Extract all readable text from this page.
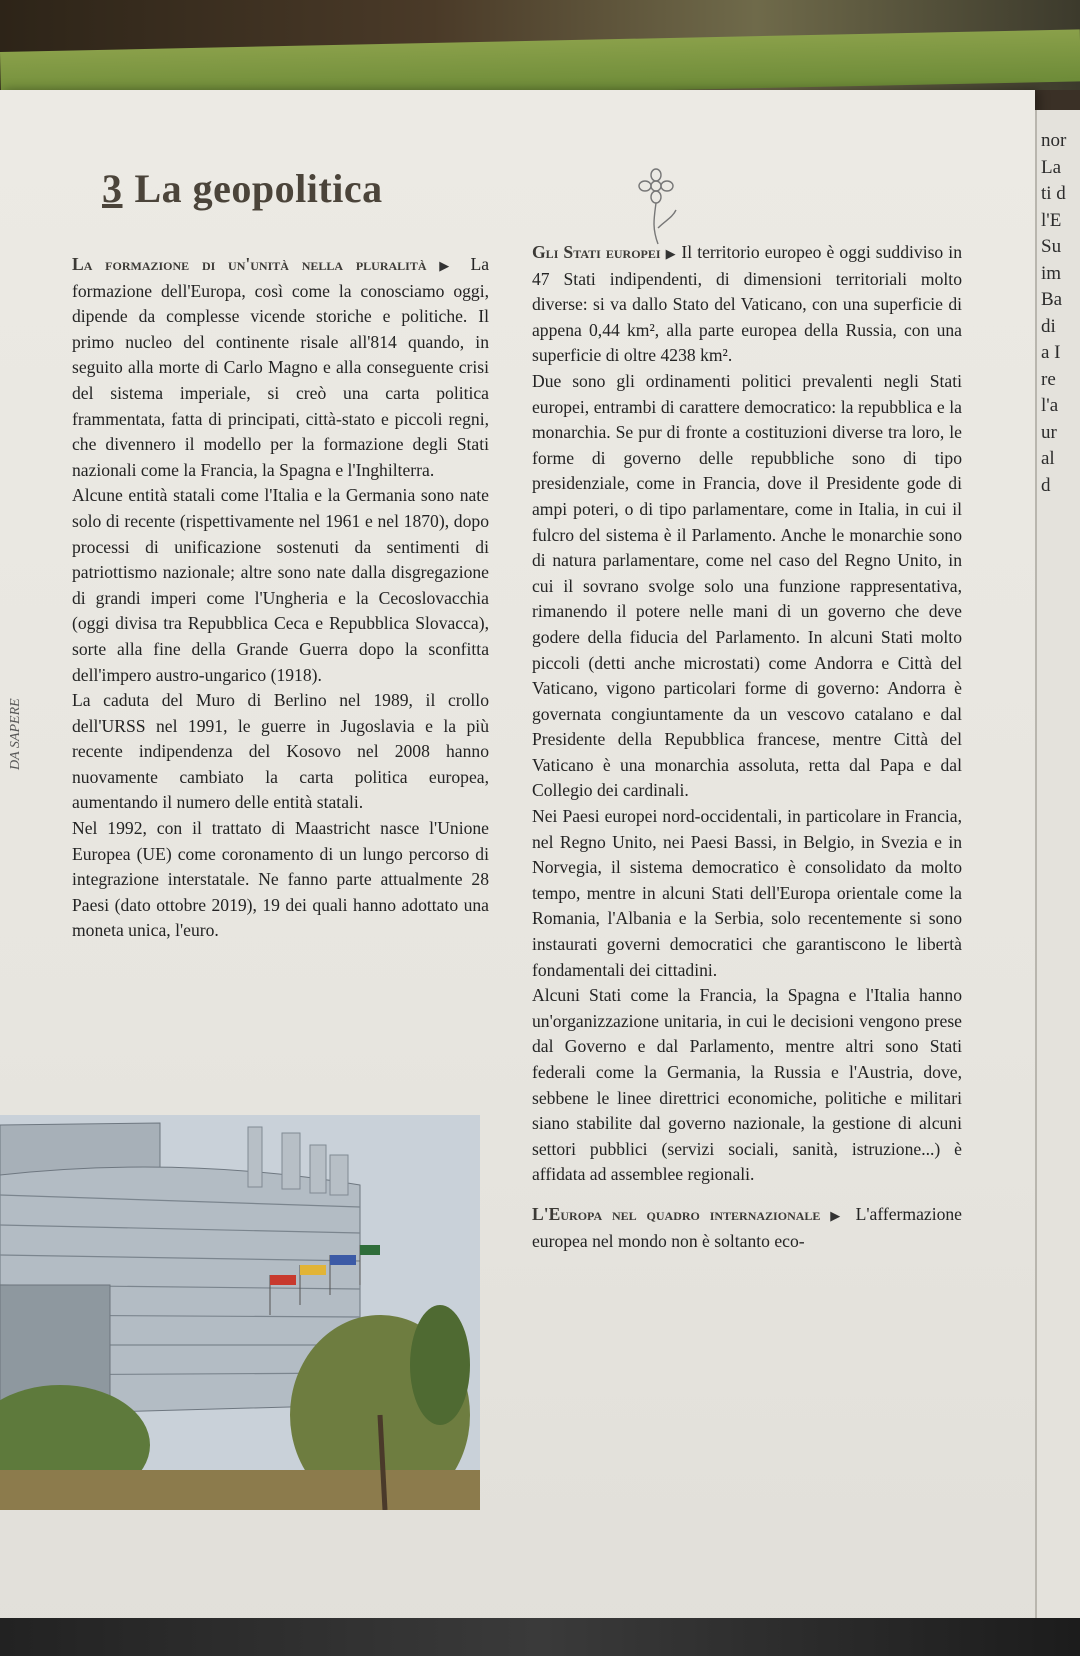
nor
La
ti d
l'E
Su
im
Ba
di
a I
re
l'a
ur
al
d
3 La geopolitica

La formazione di un'unità nella pluralità ▶ La formazione dell'Europa, così come la conosciamo oggi, dipende da complesse vicende storiche e politiche. Il primo nucleo del continente risale all'814 quando, in seguito alla morte di Carlo Magno e alla conseguente crisi del sistema imperiale, si creò una carta politica frammentata, fatta di principati, città-stato e piccoli regni, che divennero il modello per la formazione degli Stati nazionali come la Francia, la Spagna e l'Inghilterra.

Alcune entità statali come l'Italia e la Germania sono nate solo di recente (rispettivamente nel 1961 e nel 1870), dopo processi di unificazione sostenuti da sentimenti di patriottismo nazionale; altre sono nate dalla disgregazione di grandi imperi come l'Ungheria e la Cecoslovacchia (oggi divisa tra Repubblica Ceca e Repubblica Slovacca), sorte alla fine della Grande Guerra dopo la sconfitta dell'impero austro-ungarico (1918).

La caduta del Muro di Berlino nel 1989, il crollo dell'URSS nel 1991, le guerre in Jugoslavia e la più recente indipendenza del Kosovo nel 2008 hanno nuovamente cambiato la carta politica europea, aumentando il numero delle entità statali.

Nel 1992, con il trattato di Maastricht nasce l'Unione Europea (UE) come coronamento di un lungo percorso di integrazione interstatale. Ne fanno parte attualmente 28 Paesi (dato ottobre 2019), 19 dei quali hanno adottato una moneta unica, l'euro.

DA SAPERE

Gli Stati europei ▶ Il territorio europeo è oggi suddiviso in 47 Stati indipendenti, di dimensioni territoriali molto diverse: si va dallo Stato del Vaticano, con una superficie di appena 0,44 km², alla parte europea della Russia, con una superficie di oltre 4238 km².

Due sono gli ordinamenti politici prevalenti negli Stati europei, entrambi di carattere democratico: la repubblica e la monarchia. Se pur di fronte a costituzioni diverse tra loro, le forme di governo delle repubbliche sono di tipo presidenziale, come in Francia, dove il Presidente gode di ampi poteri, o di tipo parlamentare, come in Italia, in cui il fulcro del sistema è il Parlamento. Anche le monarchie sono di natura parlamentare, come nel caso del Regno Unito, in cui il sovrano svolge solo una funzione rappresentativa, rimanendo il potere nelle mani di un governo che deve godere della fiducia del Parlamento. In alcuni Stati molto piccoli (detti anche microstati) come Andorra e Città del Vaticano, vigono particolari forme di governo: Andorra è governata congiuntamente da un vescovo catalano e dal Presidente della Repubblica francese, mentre Città del Vaticano è una monarchia assoluta, retta dal Papa e dal Collegio dei cardinali.

Nei Paesi europei nord-occidentali, in particolare in Francia, nel Regno Unito, nei Paesi Bassi, in Belgio, in Svezia e in Norvegia, il sistema democratico è consolidato da molto tempo, mentre in alcuni Stati dell'Europa orientale come la Romania, l'Albania e la Serbia, solo recentemente si sono instaurati governi democratici che garantiscono le libertà fondamentali dei cittadini.

Alcuni Stati come la Francia, la Spagna e l'Italia hanno un'organizzazione unitaria, in cui le decisioni vengono prese dal Governo e dal Parlamento, mentre altri sono Stati federali come la Germania, la Russia e l'Austria, dove, sebbene le linee direttrici economiche, politiche e militari siano stabilite dal governo nazionale, la gestione di alcuni settori pubblici (servizi sociali, sanità, istruzione...) è affidata ad assemblee regionali.

L'Europa nel quadro internazionale ▶ L'affermazione europea nel mondo non è soltanto eco-
